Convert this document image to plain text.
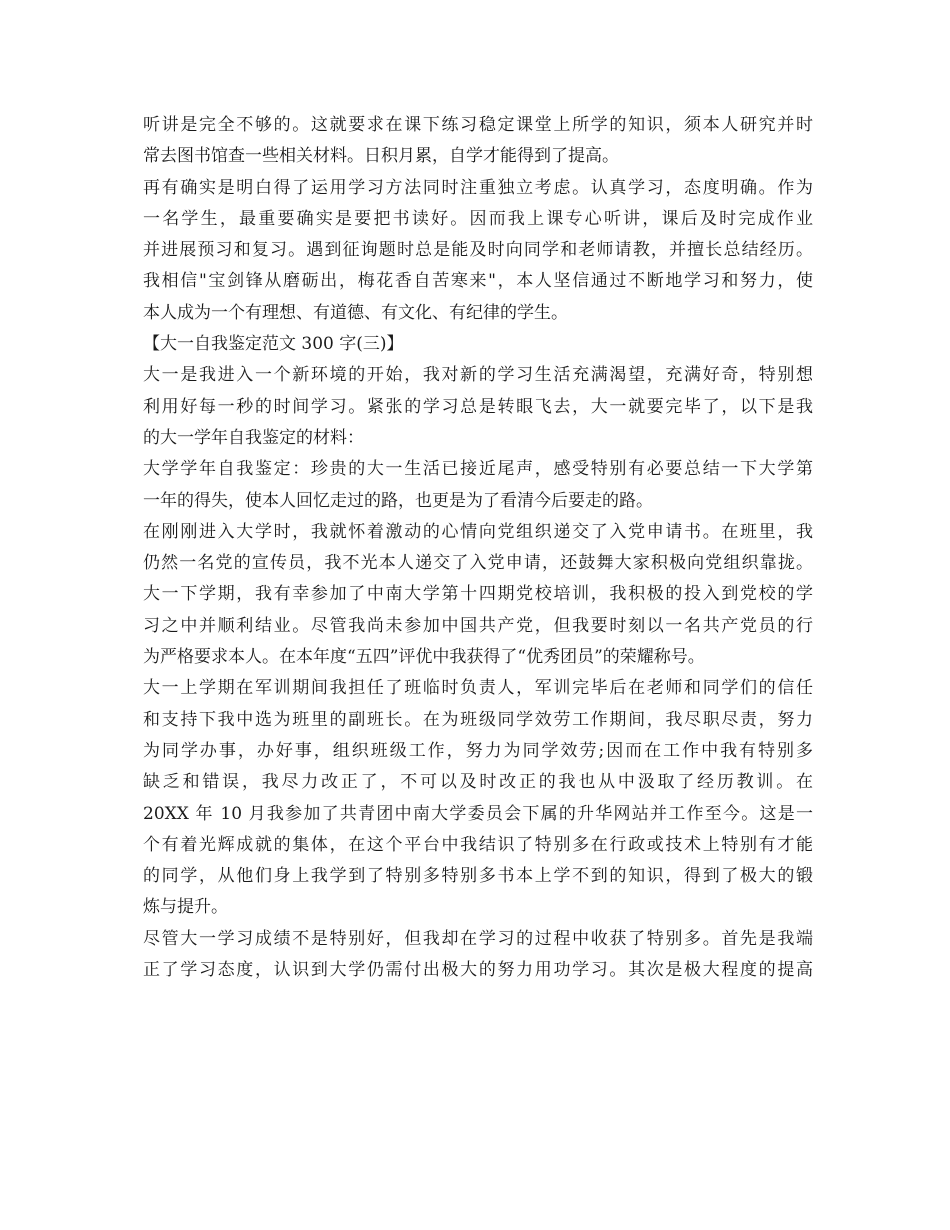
听讲是完全不够的。这就要求在课下练习稳定课堂上所学的知识，须本人研究并时
常去图书馆查一些相关材料。日积月累，自学才能得到了提高。
再有确实是明白得了运用学习方法同时注重独立考虑。认真学习，态度明确。作为
一名学生，最重要确实是要把书读好。因而我上课专心听讲，课后及时完成作业
并进展预习和复习。遇到征询题时总是能及时向同学和老师请教，并擅长总结经历。
我相信"宝剑锋从磨砺出，梅花香自苦寒来"，本人坚信通过不断地学习和努力，使
本人成为一个有理想、有道德、有文化、有纪律的学生。
【大一自我鉴定范文 300 字(三)】
大一是我进入一个新环境的开始，我对新的学习生活充满渴望，充满好奇，特别想
利用好每一秒的时间学习。紧张的学习总是转眼飞去，大一就要完毕了，以下是我
的大一学年自我鉴定的材料：
大学学年自我鉴定：珍贵的大一生活已接近尾声，感受特别有必要总结一下大学第
一年的得失，使本人回忆走过的路，也更是为了看清今后要走的路。
在刚刚进入大学时，我就怀着激动的心情向党组织递交了入党申请书。在班里，我
仍然一名党的宣传员，我不光本人递交了入党申请，还鼓舞大家积极向党组织靠拢。
大一下学期，我有幸参加了中南大学第十四期党校培训，我积极的投入到党校的学
习之中并顺利结业。尽管我尚未参加中国共产党，但我要时刻以一名共产党员的行
为严格要求本人。在本年度“五四”评优中我获得了“优秀团员”的荣耀称号。
大一上学期在军训期间我担任了班临时负责人，军训完毕后在老师和同学们的信任
和支持下我中选为班里的副班长。在为班级同学效劳工作期间，我尽职尽责，努力
为同学办事，办好事，组织班级工作，努力为同学效劳;因而在工作中我有特别多
缺乏和错误，我尽力改正了，不可以及时改正的我也从中汲取了经历教训。在
20XX 年 10 月我参加了共青团中南大学委员会下属的升华网站并工作至今。这是一
个有着光辉成就的集体，在这个平台中我结识了特别多在行政或技术上特别有才能
的同学，从他们身上我学到了特别多特别多书本上学不到的知识，得到了极大的锻
炼与提升。
尽管大一学习成绩不是特别好，但我却在学习的过程中收获了特别多。首先是我端
正了学习态度，认识到大学仍需付出极大的努力用功学习。其次是极大程度的提高
